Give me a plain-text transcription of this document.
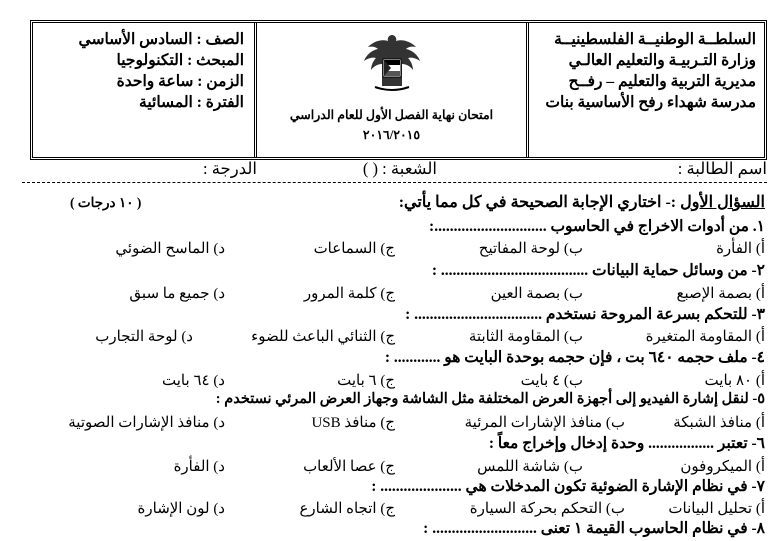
السلطــة الوطنيــة الفلسطينيــة
وزارة التـربيـة والتعليم العالـي
مديرية التربية والتعليم – رفــح
مدرسة شهداء رفح الأساسية بنات
امتحان نهاية الفصل الأول للعام الدراسي
٢٠١٦/٢٠١٥
الصف : السادس الأساسي
المبحث : التكنولوجيا
الزمن : ساعة واحدة
الفترة : المسائية
اسم الطالبة :
الشعبة : ( )
الدرجة :
السؤال الأول :- اختاري الإجابة الصحيحة في كل مما يأتي:
( ١٠ درجات )
١. من أدوات الاخراج في الحاسوب .............................:
أ) الفأرة
ب) لوحة المفاتيح
ج) السماعات
د) الماسح الضوئي
٢- من وسائل حماية البيانات ...................................... :
أ) بصمة الإصبع
ب) بصمة العين
ج) كلمة المرور
د) جميع ما سبق
٣- للتحكم بسرعة المروحة نستخدم ................................. :
أ) المقاومة المتغيرة
ب) المقاومة الثابتة
ج) الثنائي الباعث للضوء
د) لوحة التجارب
٤- ملف حجمه ٦٤٠ بت ، فإن حجمه بوحدة البايت هو ............ :
أ) ٨٠ بايت
ب) ٤ بايت
ج) ٦ بايت
د) ٦٤ بايت
٥- لنقل إشارة الفيديو إلى أجهزة العرض المختلفة مثل الشاشة وجهاز العرض المرئي نستخدم :
أ) منافذ الشبكة
ب) منافذ الإشارات المرئية
ج) منافذ USB
د) منافذ الإشارات الصوتية
٦- تعتبر ................. وحدة إدخال وإخراج معاً :
أ) الميكروفون
ب) شاشة اللمس
ج) عصا الألعاب
د) الفأرة
٧- في نظام الإشارة الضوئية تكون المدخلات هي ..................... :
أ) تحليل البيانات
ب) التحكم بحركة السيارة
ج) اتجاه الشارع
د) لون الإشارة
٨- في نظام الحاسوب القيمة ١ تعنى ........................... :
